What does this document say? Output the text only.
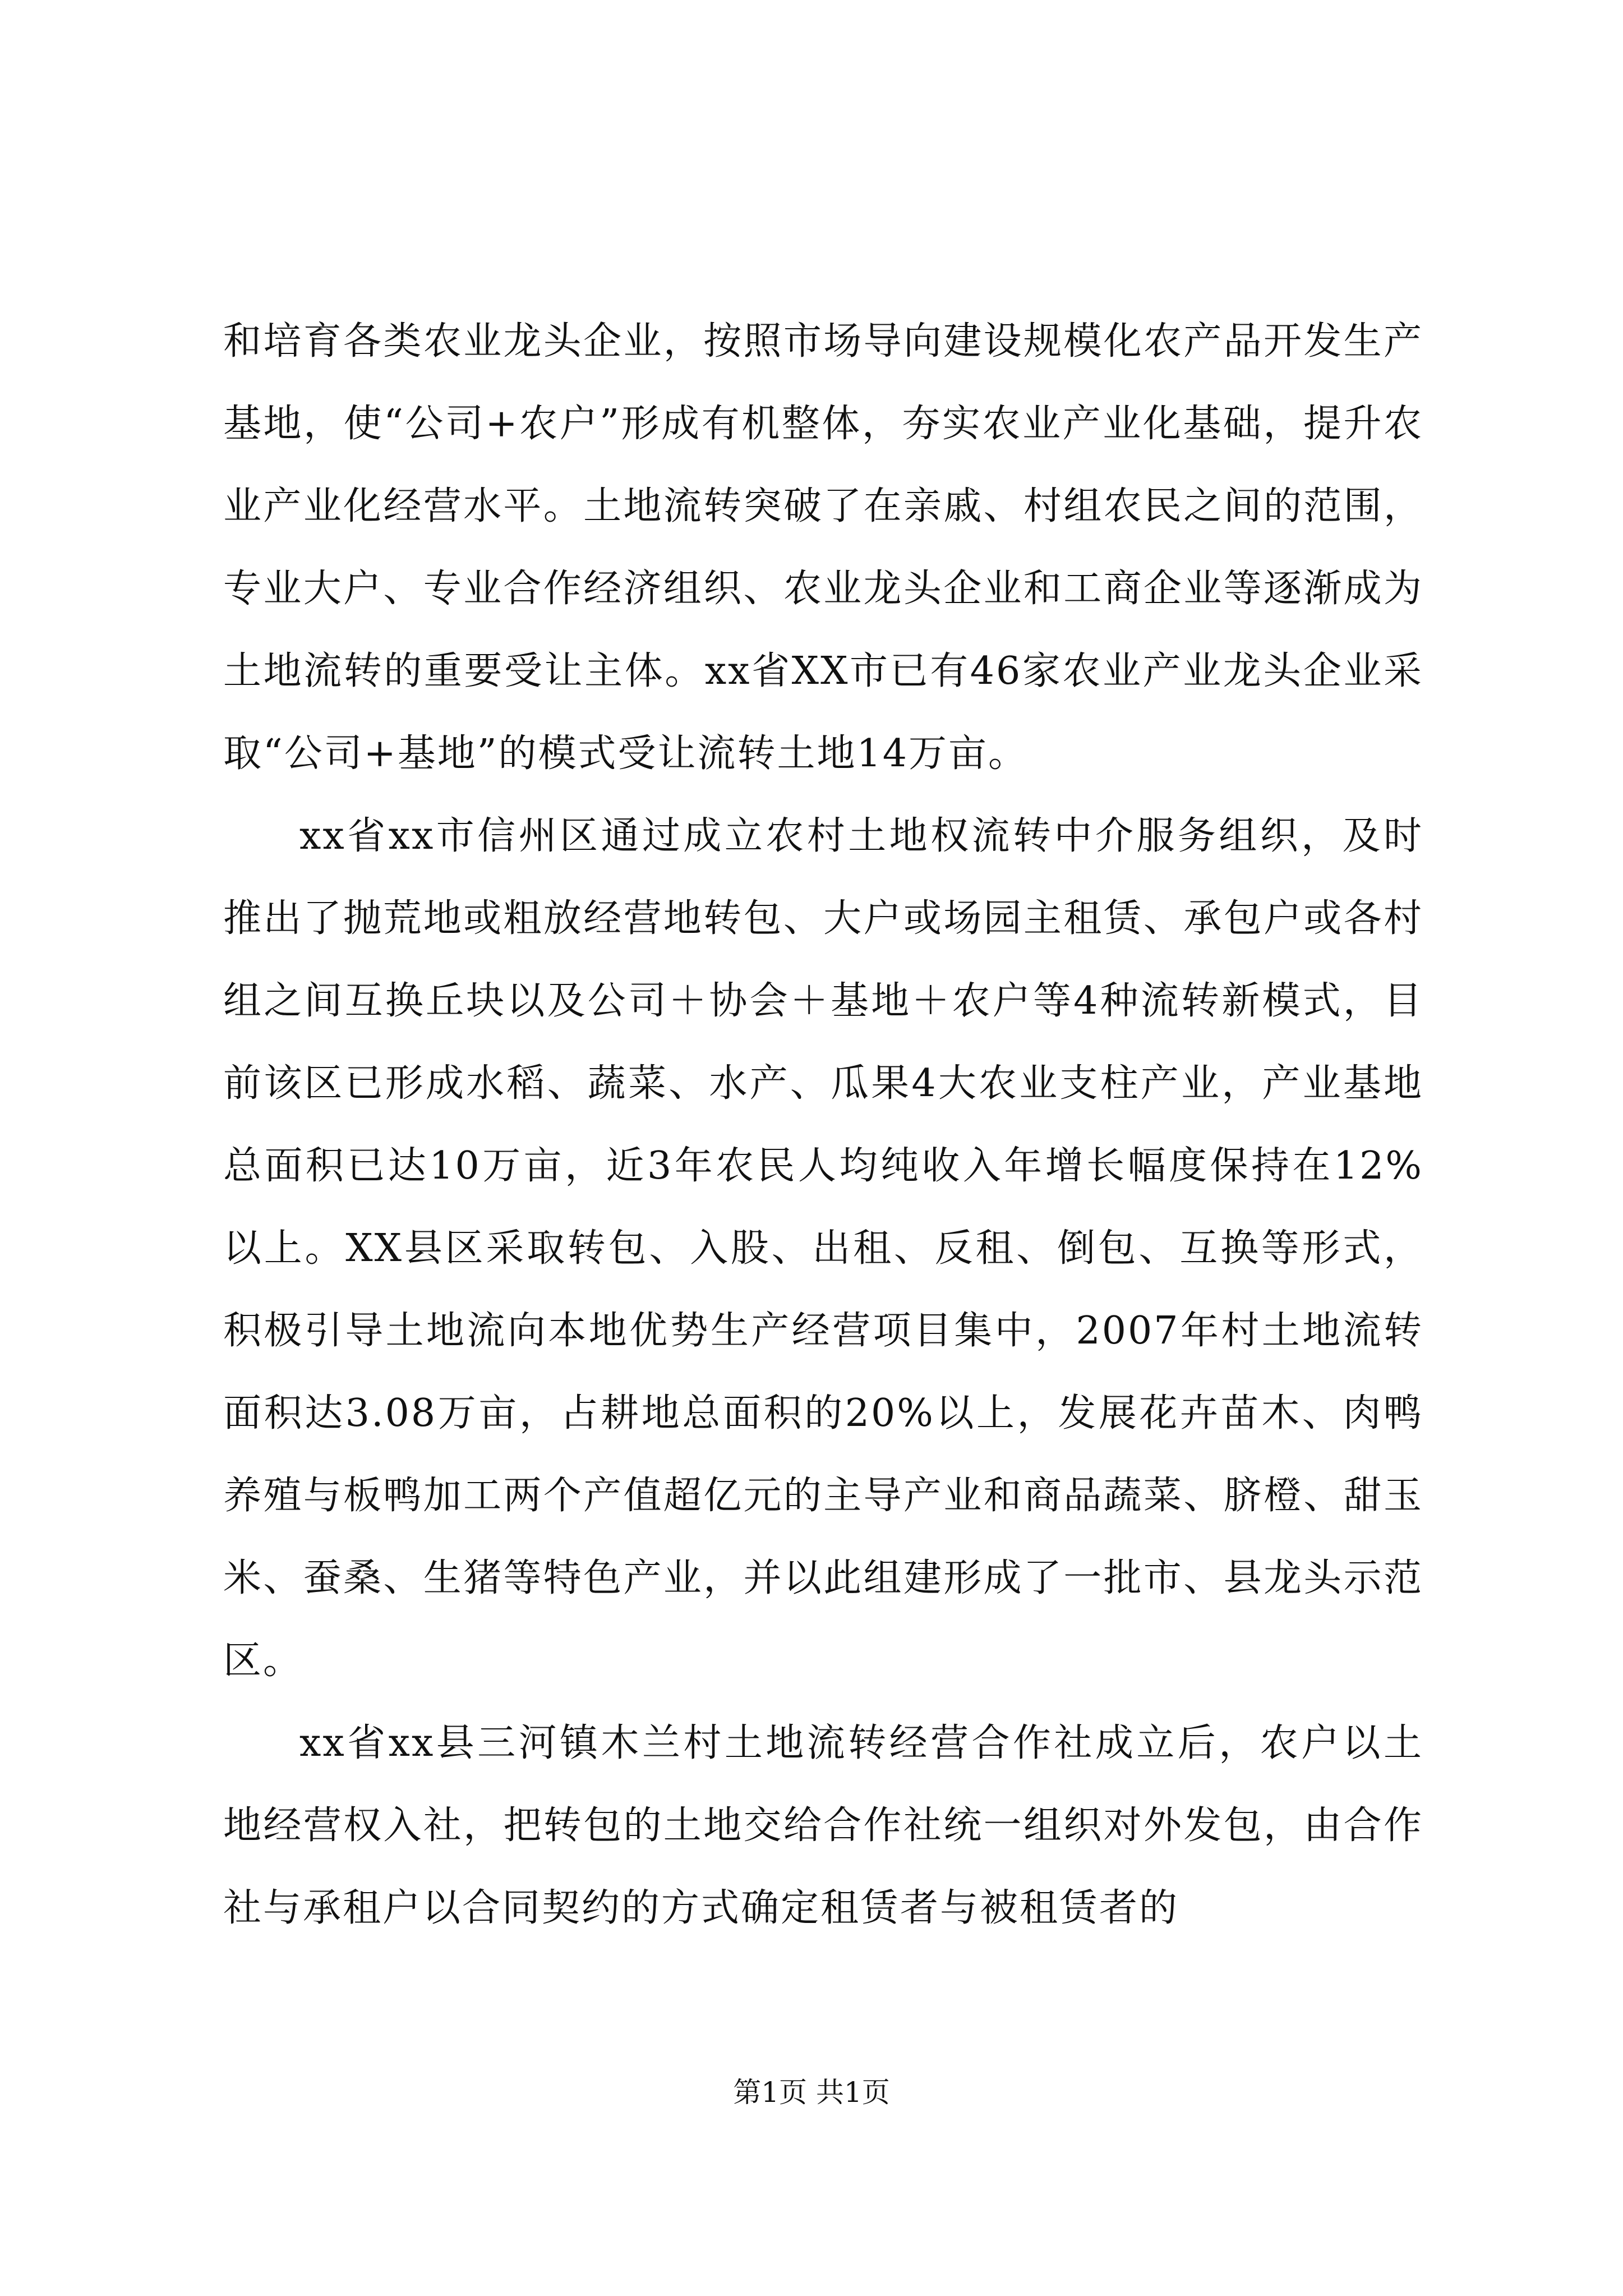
和培育各类农业龙头企业，按照市场导向建设规模化农产品开发生产基地，使“公司+农户”形成有机整体，夯实农业产业化基础，提升农业产业化经营水平。土地流转突破了在亲戚、村组农民之间的范围，专业大户、专业合作经济组织、农业龙头企业和工商企业等逐渐成为土地流转的重要受让主体。xx省XX市已有46家农业产业龙头企业采取“公司+基地”的模式受让流转土地14万亩。

xx省xx市信州区通过成立农村土地权流转中介服务组织，及时推出了抛荒地或粗放经营地转包、大户或场园主租赁、承包户或各村组之间互换丘块以及公司＋协会＋基地＋农户等4种流转新模式，目前该区已形成水稻、蔬菜、水产、瓜果4大农业支柱产业，产业基地总面积已达10万亩，近3年农民人均纯收入年增长幅度保持在12%以上。XX县区采取转包、入股、出租、反租、倒包、互换等形式，积极引导土地流向本地优势生产经营项目集中，2007年村土地流转面积达3.08万亩，占耕地总面积的20%以上，发展花卉苗木、肉鸭养殖与板鸭加工两个产值超亿元的主导产业和商品蔬菜、脐橙、甜玉米、蚕桑、生猪等特色产业，并以此组建形成了一批市、县龙头示范区。

xx省xx县三河镇木兰村土地流转经营合作社成立后，农户以土地经营权入社，把转包的土地交给合作社统一组织对外发包，由合作社与承租户以合同契约的方式确定租赁者与被租赁者的

第1页 共1页
